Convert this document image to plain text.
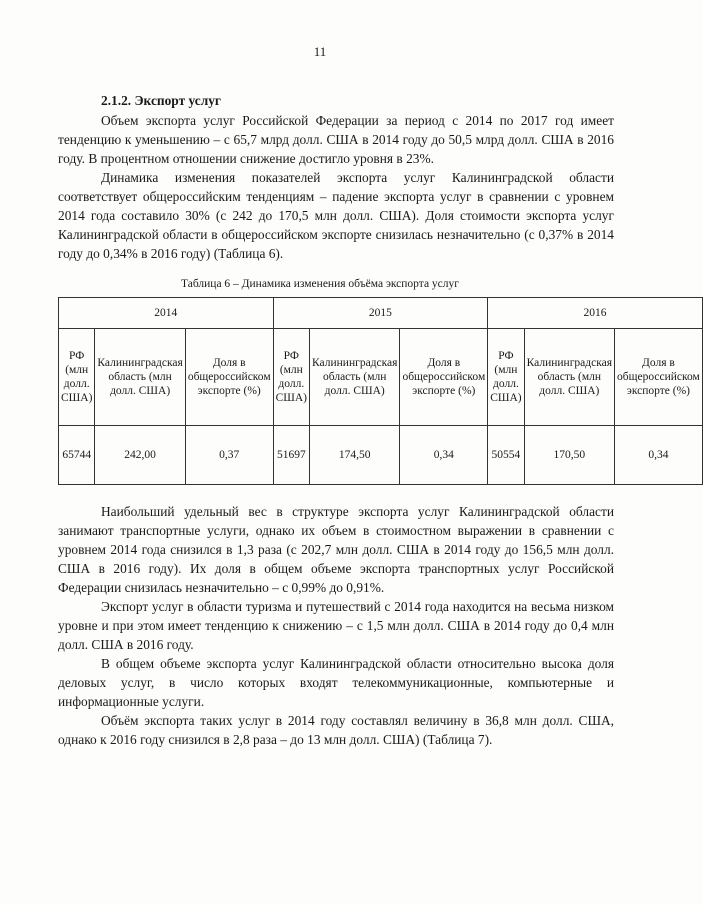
11
2.1.2. Экспорт услуг

Объем экспорта услуг Российской Федерации за период с 2014 по 2017 год имеет тенденцию к уменьшению – с 65,7 млрд долл. США в 2014 году до 50,5 млрд долл. США в 2016 году. В процентном отношении снижение достигло уровня в 23%.

Динамика изменения показателей экспорта услуг Калининградской области соответствует общероссийским тенденциям – падение экспорта услуг в сравнении с уровнем 2014 года составило 30% (с 242 до 170,5 млн долл. США). Доля стоимости экспорта услуг Калининградской области в общероссийском экспорте снизилась незначительно (с 0,37% в 2014 году до 0,34% в 2016 году) (Таблица 6).

Таблица 6 – Динамика изменения объёма экспорта услуг
2014			2015			2016		
РФ (млн долл. США)	Калининградская область (млн долл. США)	Доля в общероссийском экспорте (%)	РФ (млн долл. США)	Калининградская область (млн долл. США)	Доля в общероссийском экспорте (%)	РФ (млн долл. США)	Калининградская область (млн долл. США)	Доля в общероссийском экспорте (%)
65744	242,00	0,37	51697	174,50	0,34	50554	170,50	0,34

Наибольший удельный вес в структуре экспорта услуг Калининградской области занимают транспортные услуги, однако их объем в стоимостном выражении в сравнении с уровнем 2014 года снизился в 1,3 раза (с 202,7 млн долл. США в 2014 году до 156,5 млн долл. США в 2016 году). Их доля в общем объеме экспорта транспортных услуг Российской Федерации снизилась незначительно – с 0,99% до 0,91%.

Экспорт услуг в области туризма и путешествий с 2014 года находится на весьма низком уровне и при этом имеет тенденцию к снижению – с 1,5 млн долл. США в 2014 году до 0,4 млн долл. США в 2016 году.

В общем объеме экспорта услуг Калининградской области относительно высока доля деловых услуг, в число которых входят телекоммуникационные, компьютерные и информационные услуги.

Объём экспорта таких услуг в 2014 году составлял величину в 36,8 млн долл. США, однако к 2016 году снизился в 2,8 раза – до 13 млн долл. США) (Таблица 7).
